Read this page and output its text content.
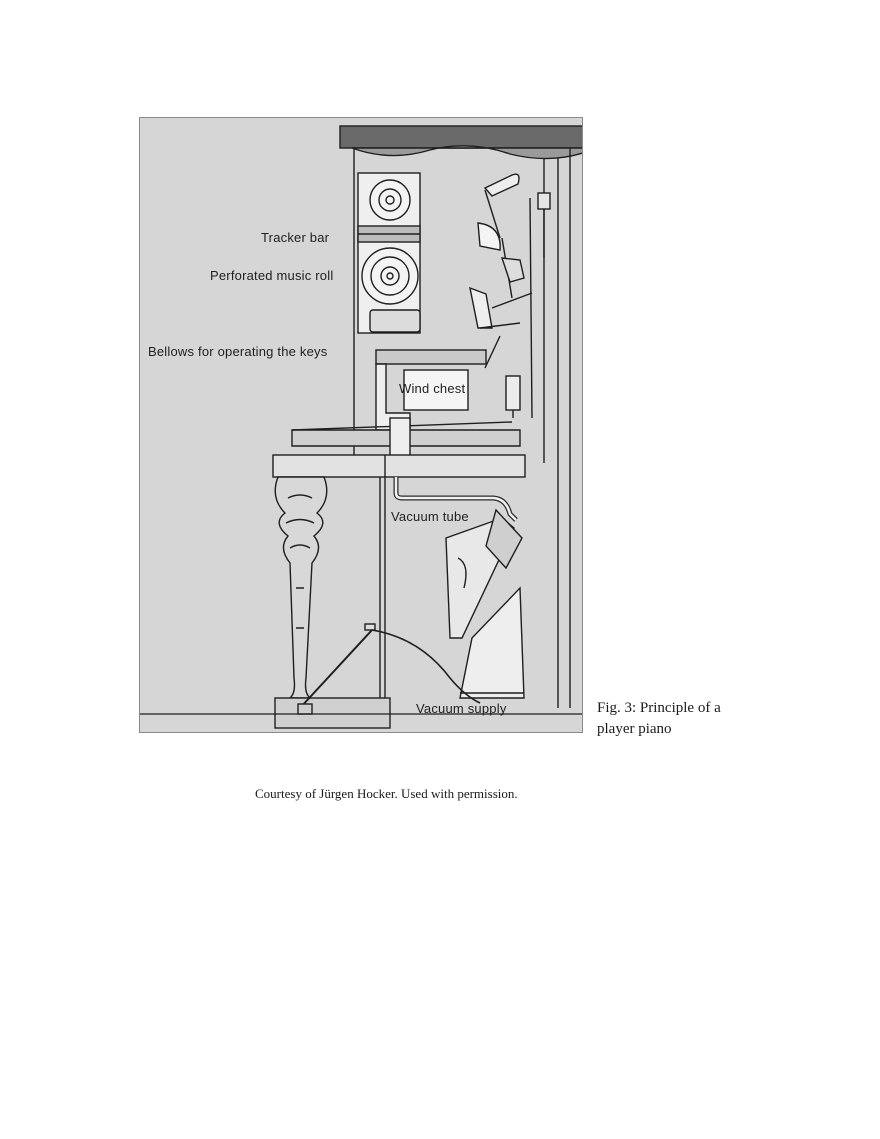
Tracker bar
Perforated music roll
Bellows for operating the keys
Wind chest
Vacuum tube
Vacuum supply	Fig. 3: Principle of a
player piano
Courtesy of Jürgen Hocker. Used with permission.
